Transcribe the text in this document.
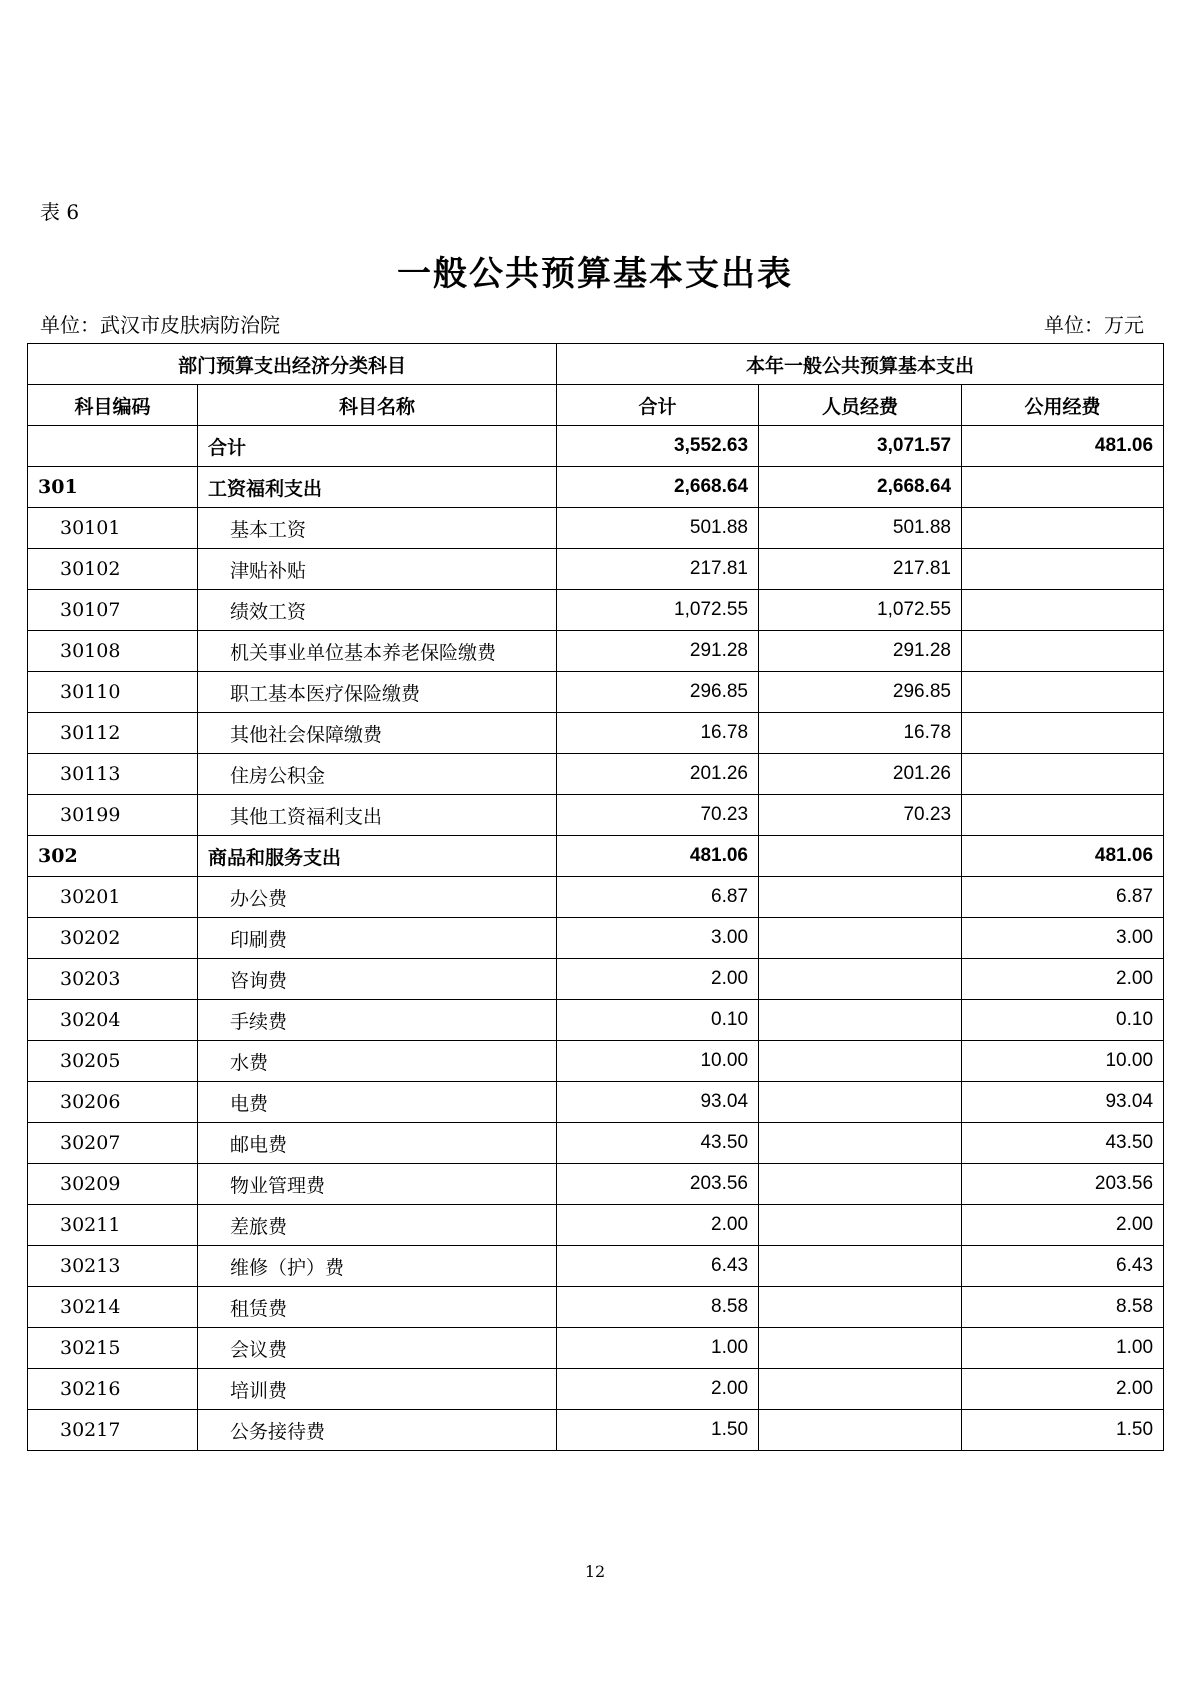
表 6
一般公共预算基本支出表
单位：武汉市皮肤病防治院	单位：万元
部门预算支出经济分类科目		本年一般公共预算基本支出		
科目编码	科目名称	合计	人员经费	公用经费
	合计	3,552.63	3,071.57	481.06
301	工资福利支出	2,668.64	2,668.64	
30101	基本工资	501.88	501.88	
30102	津贴补贴	217.81	217.81	
30107	绩效工资	1,072.55	1,072.55	
30108	机关事业单位基本养老保险缴费	291.28	291.28	
30110	职工基本医疗保险缴费	296.85	296.85	
30112	其他社会保障缴费	16.78	16.78	
30113	住房公积金	201.26	201.26	
30199	其他工资福利支出	70.23	70.23	
302	商品和服务支出	481.06		481.06
30201	办公费	6.87		6.87
30202	印刷费	3.00		3.00
30203	咨询费	2.00		2.00
30204	手续费	0.10		0.10
30205	水费	10.00		10.00
30206	电费	93.04		93.04
30207	邮电费	43.50		43.50
30209	物业管理费	203.56		203.56
30211	差旅费	2.00		2.00
30213	维修（护）费	6.43		6.43
30214	租赁费	8.58		8.58
30215	会议费	1.00		1.00
30216	培训费	2.00		2.00
30217	公务接待费	1.50		1.50
12
